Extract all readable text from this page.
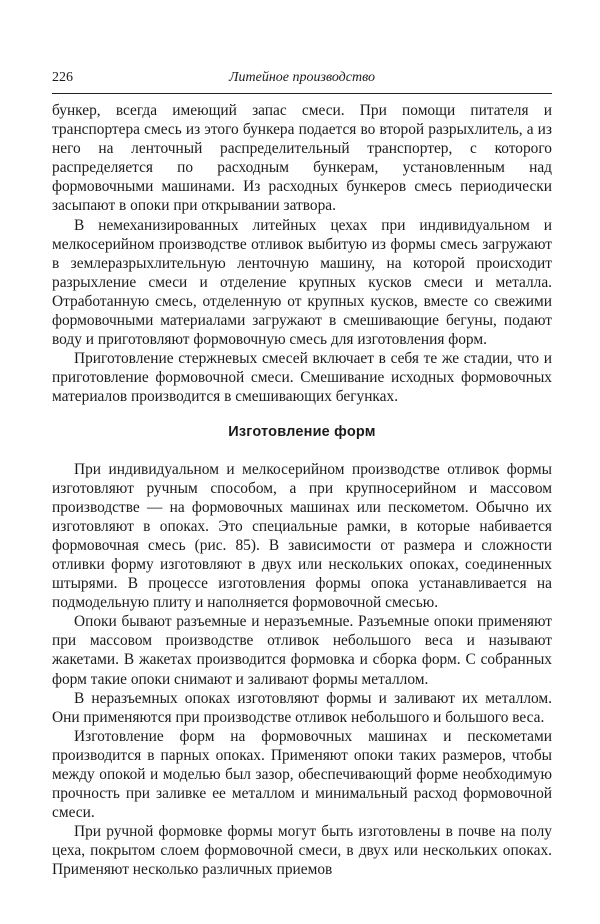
226	Литейное производство

бункер, всегда имеющий запас смеси. При помощи питателя и транспортера смесь из этого бункера подается во второй разрыхлитель, а из него на ленточный распределительный транспортер, с которого распределяется по расходным бункерам, установленным над формовочными машинами. Из расходных бункеров смесь периодически засыпают в опоки при открывании затвора.

В немеханизированных литейных цехах при индивидуальном и мелкосерийном производстве отливок выбитую из формы смесь загружают в землеразрыхлительную ленточную машину, на которой происходит разрыхление смеси и отделение крупных кусков смеси и металла. Отработанную смесь, отделенную от крупных кусков, вместе со свежими формовочными материалами загружают в смешивающие бегуны, подают воду и приготовляют формовочную смесь для изготовления форм.

Приготовление стержневых смесей включает в себя те же стадии, что и приготовление формовочной смеси. Смешивание исходных формовочных материалов производится в смешивающих бегунках.

Изготовление форм

При индивидуальном и мелкосерийном производстве отливок формы изготовляют ручным способом, а при крупносерийном и массовом производстве — на формовочных машинах или пескометом. Обычно их изготовляют в опоках. Это специальные рамки, в которые набивается формовочная смесь (рис. 85). В зависимости от размера и сложности отливки форму изготовляют в двух или нескольких опоках, соединенных штырями. В процессе изготовления формы опока устанавливается на подмодельную плиту и наполняется формовочной смесью.

Опоки бывают разъемные и неразъемные. Разъемные опоки применяют при массовом производстве отливок небольшого веса и называют жакетами. В жакетах производится формовка и сборка форм. С собранных форм такие опоки снимают и заливают формы металлом.

В неразъемных опоках изготовляют формы и заливают их металлом. Они применяются при производстве отливок небольшого и большого веса.

Изготовление форм на формовочных машинах и пескометами производится в парных опоках. Применяют опоки таких размеров, чтобы между опокой и моделью был зазор, обеспечивающий форме необходимую прочность при заливке ее металлом и минимальный расход формовочной смеси.

При ручной формовке формы могут быть изготовлены в почве на полу цеха, покрытом слоем формовочной смеси, в двух или нескольких опоках. Применяют несколько различных приемов
